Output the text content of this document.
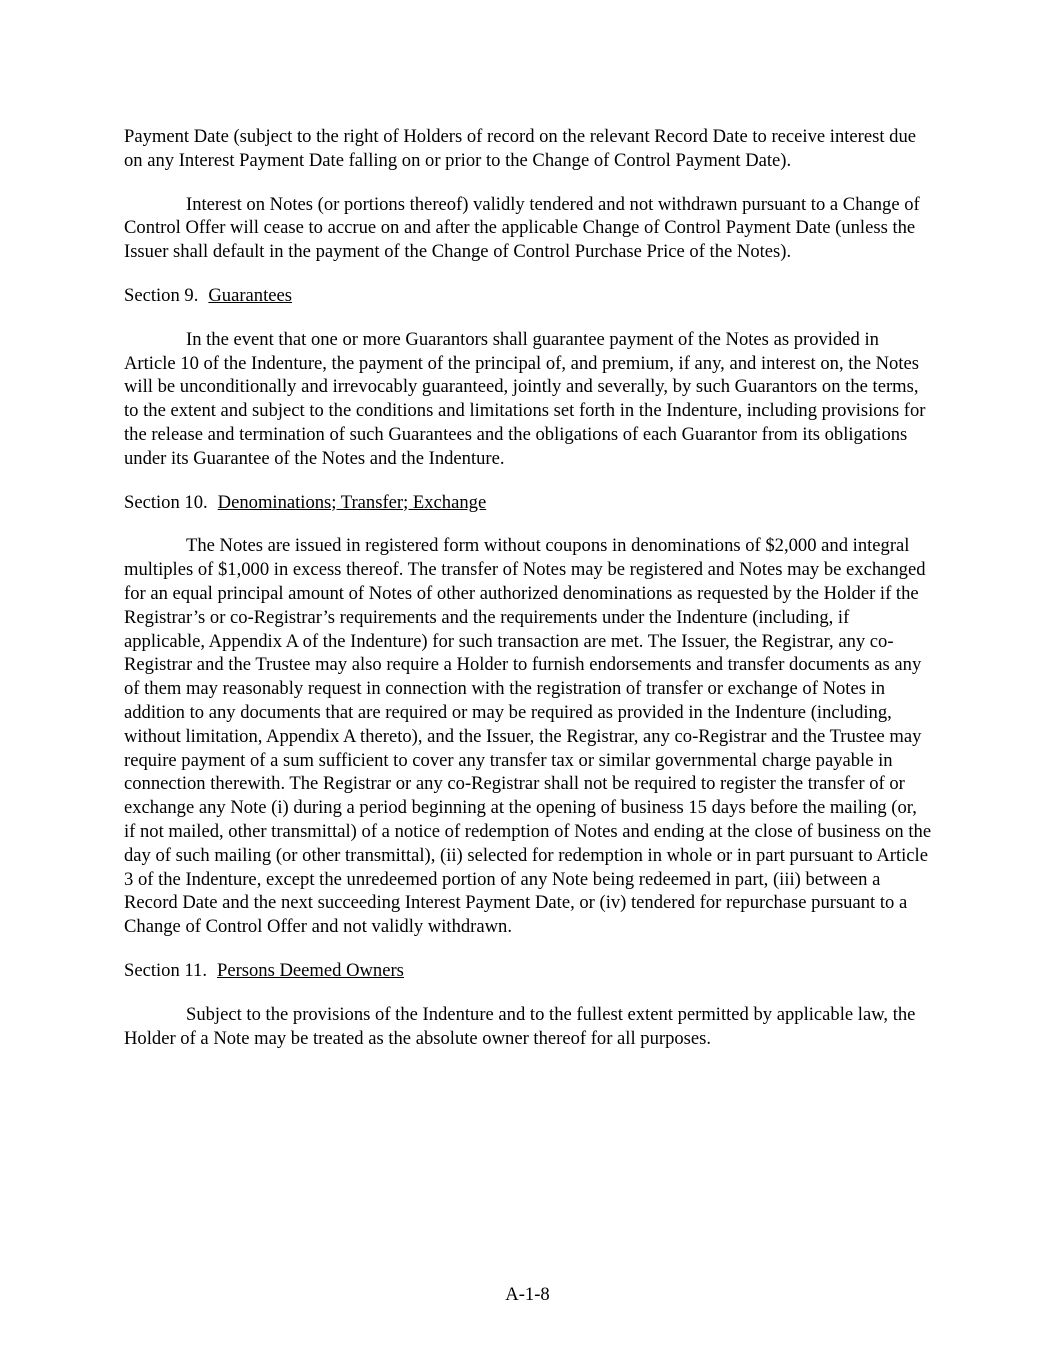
Payment Date (subject to the right of Holders of record on the relevant Record Date to receive interest due on any Interest Payment Date falling on or prior to the Change of Control Payment Date).

Interest on Notes (or portions thereof) validly tendered and not withdrawn pursuant to a Change of Control Offer will cease to accrue on and after the applicable Change of Control Payment Date (unless the Issuer shall default in the payment of the Change of Control Purchase Price of the Notes).

Section 9. Guarantees

In the event that one or more Guarantors shall guarantee payment of the Notes as provided in Article 10 of the Indenture, the payment of the principal of, and premium, if any, and interest on, the Notes will be unconditionally and irrevocably guaranteed, jointly and severally, by such Guarantors on the terms, to the extent and subject to the conditions and limitations set forth in the Indenture, including provisions for the release and termination of such Guarantees and the obligations of each Guarantor from its obligations under its Guarantee of the Notes and the Indenture.

Section 10. Denominations; Transfer; Exchange

The Notes are issued in registered form without coupons in denominations of $2,000 and integral multiples of $1,000 in excess thereof. The transfer of Notes may be registered and Notes may be exchanged for an equal principal amount of Notes of other authorized denominations as requested by the Holder if the Registrar’s or co-Registrar’s requirements and the requirements under the Indenture (including, if applicable, Appendix A of the Indenture) for such transaction are met. The Issuer, the Registrar, any co-Registrar and the Trustee may also require a Holder to furnish endorsements and transfer documents as any of them may reasonably request in connection with the registration of transfer or exchange of Notes in addition to any documents that are required or may be required as provided in the Indenture (including, without limitation, Appendix A thereto), and the Issuer, the Registrar, any co-Registrar and the Trustee may require payment of a sum sufficient to cover any transfer tax or similar governmental charge payable in connection therewith. The Registrar or any co-Registrar shall not be required to register the transfer of or exchange any Note (i) during a period beginning at the opening of business 15 days before the mailing (or, if not mailed, other transmittal) of a notice of redemption of Notes and ending at the close of business on the day of such mailing (or other transmittal), (ii) selected for redemption in whole or in part pursuant to Article 3 of the Indenture, except the unredeemed portion of any Note being redeemed in part, (iii) between a Record Date and the next succeeding Interest Payment Date, or (iv) tendered for repurchase pursuant to a Change of Control Offer and not validly withdrawn.

Section 11. Persons Deemed Owners

Subject to the provisions of the Indenture and to the fullest extent permitted by applicable law, the Holder of a Note may be treated as the absolute owner thereof for all purposes.

A-1-8
